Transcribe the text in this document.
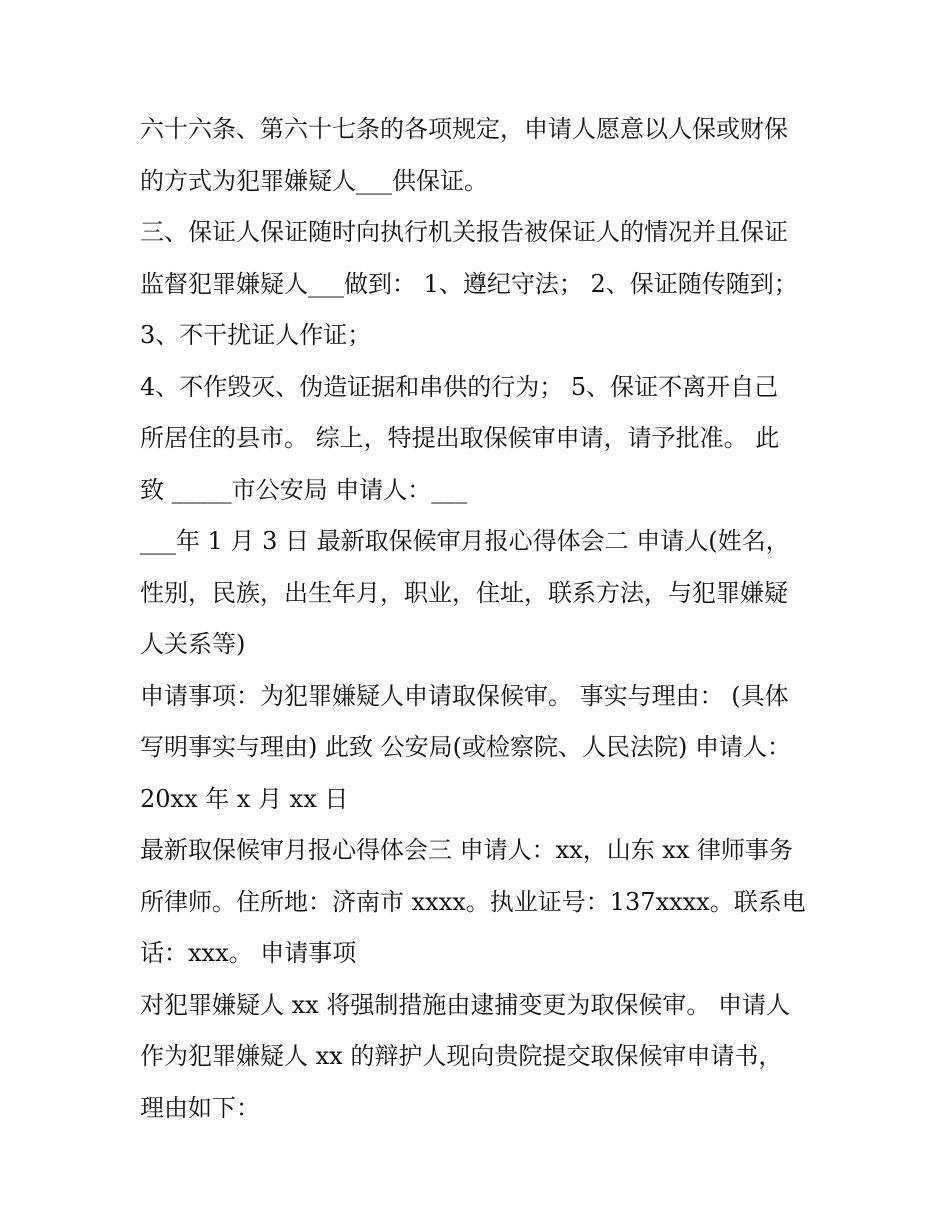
六十六条、第六十七条的各项规定，申请人愿意以人保或财保
的方式为犯罪嫌疑人___供保证。
三、保证人保证随时向执行机关报告被保证人的情况并且保证
监督犯罪嫌疑人___做到： 1、遵纪守法； 2、保证随传随到；
3、不干扰证人作证；
4、不作毁灭、伪造证据和串供的行为； 5、保证不离开自己
所居住的县市。 综上，特提出取保候审申请，请予批准。 此
致 _____市公安局 申请人：___
___年 1 月 3 日 最新取保候审月报心得体会二 申请人(姓名，
性别，民族，出生年月，职业，住址，联系方法，与犯罪嫌疑
人关系等)
申请事项：为犯罪嫌疑人申请取保候审。 事实与理由： (具体
写明事实与理由) 此致 公安局(或检察院、人民法院) 申请人：
20xx 年 x 月 xx 日
最新取保候审月报心得体会三 申请人：xx，山东 xx 律师事务
所律师。住所地：济南市 xxxx。执业证号：137xxxx。联系电
话：xxx。 申请事项
对犯罪嫌疑人 xx 将强制措施由逮捕变更为取保候审。 申请人
作为犯罪嫌疑人 xx 的辩护人现向贵院提交取保候审申请书，
理由如下：
